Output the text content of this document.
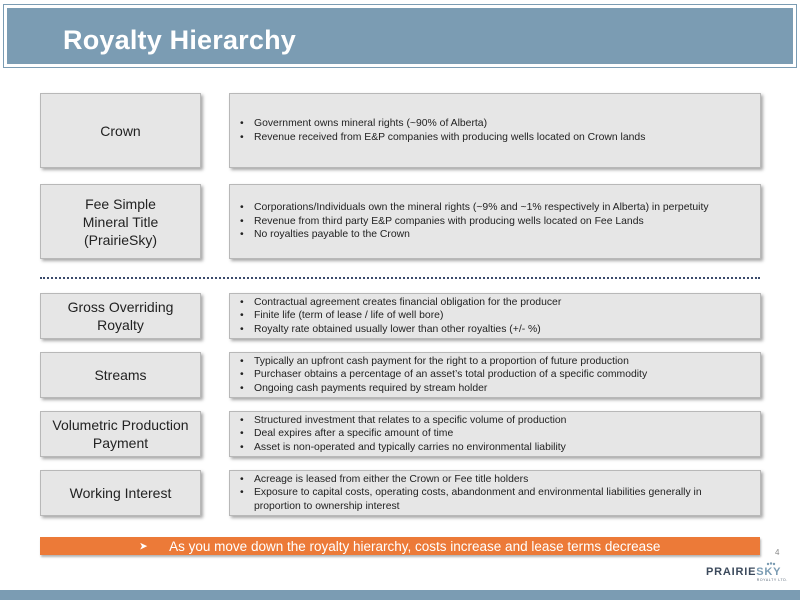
Royalty Hierarchy
Crown
•	Government owns mineral rights (~90% of Alberta)
• Revenue received from E&P companies with producing wells located on Crown lands
Fee Simple
Mineral Title
(PrairieSky)
• Corporations/Individuals own the mineral rights (~9% and ~1% respectively in Alberta) in perpetuity
• Revenue from third party E&P companies with producing wells located on Fee Lands
• No royalties payable to the Crown
Gross Overriding
Royalty
• Contractual agreement creates financial obligation for the producer
• Finite life (term of lease / life of well bore)
• Royalty rate obtained usually lower than other royalties (+/- %)
Streams
• Typically an upfront cash payment for the right to a proportion of future production
• Purchaser obtains a percentage of an asset’s total production of a specific commodity
• Ongoing cash payments required by stream holder
Volumetric Production
Payment
• Structured investment that relates to a specific volume of production
• Deal expires after a specific amount of time
• Asset is non-operated and typically carries no environmental liability
Working Interest
• Acreage is leased from either the Crown or Fee title holders
• Exposure to capital costs, operating costs, abandonment and environmental liabilities generally in proportion to ownership interest
➤ As you move down the royalty hierarchy, costs increase and lease terms decrease	4
PRAIRIESKY
ROYALTY LTD.
